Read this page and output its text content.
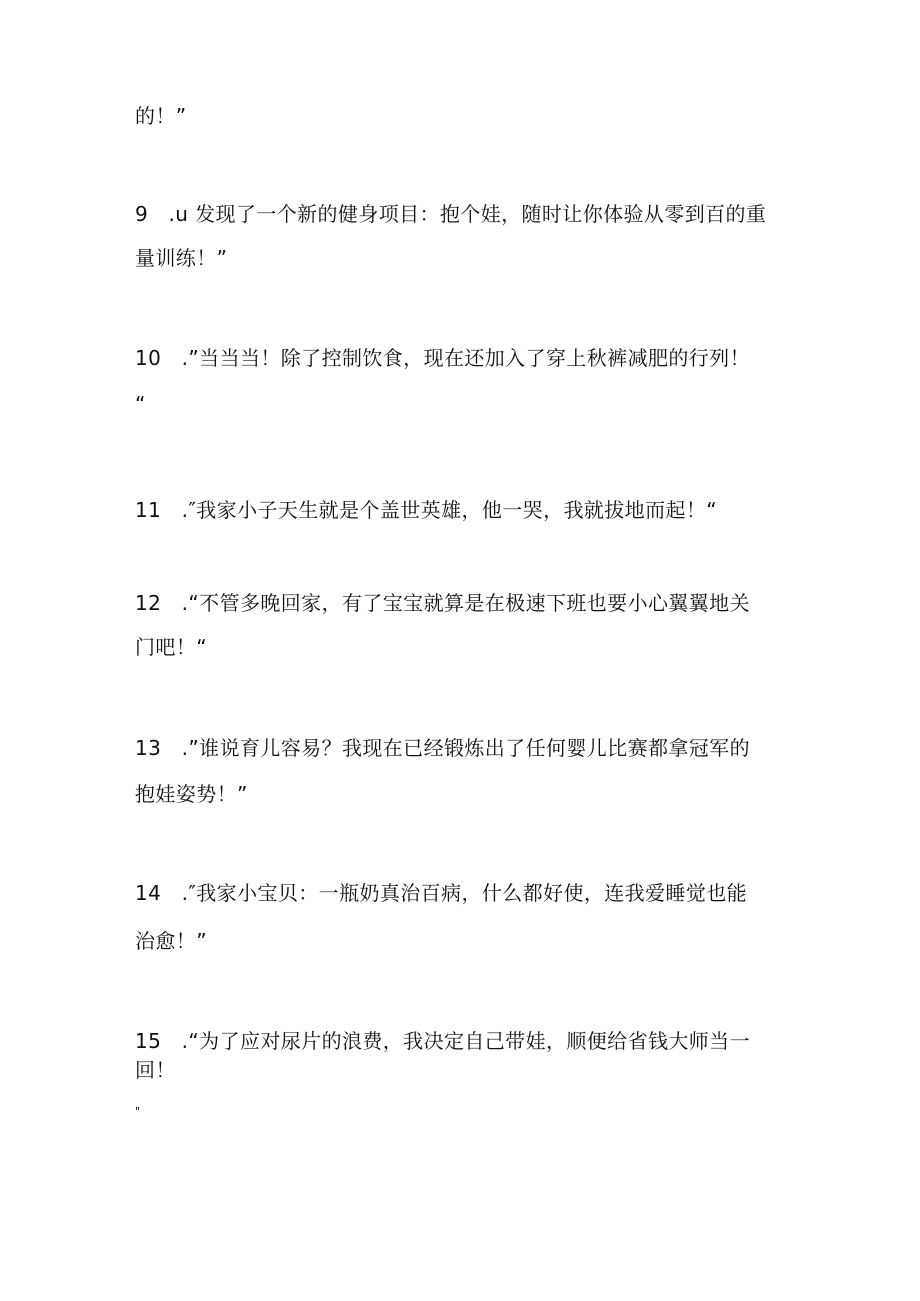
的！”
9　.u 发现了一个新的健身项目：抱个娃，随时让你体验从零到百的重
量训练！”
10　.”当当当！除了控制饮食，现在还加入了穿上秋裤减肥的行列！
“
11　.″我家小子天生就是个盖世英雄，他一哭，我就拔地而起！“
12　.“不管多晚回家，有了宝宝就算是在极速下班也要小心翼翼地关
门吧！“
13　.”谁说育儿容易？我现在已经锻炼出了任何婴儿比赛都拿冠军的
抱娃姿势！”
14　.″我家小宝贝：一瓶奶真治百病，什么都好使，连我爱睡觉也能
治愈！”
15　.“为了应对尿片的浪费，我决定自己带娃，顺便给省钱大师当一
回！
"
